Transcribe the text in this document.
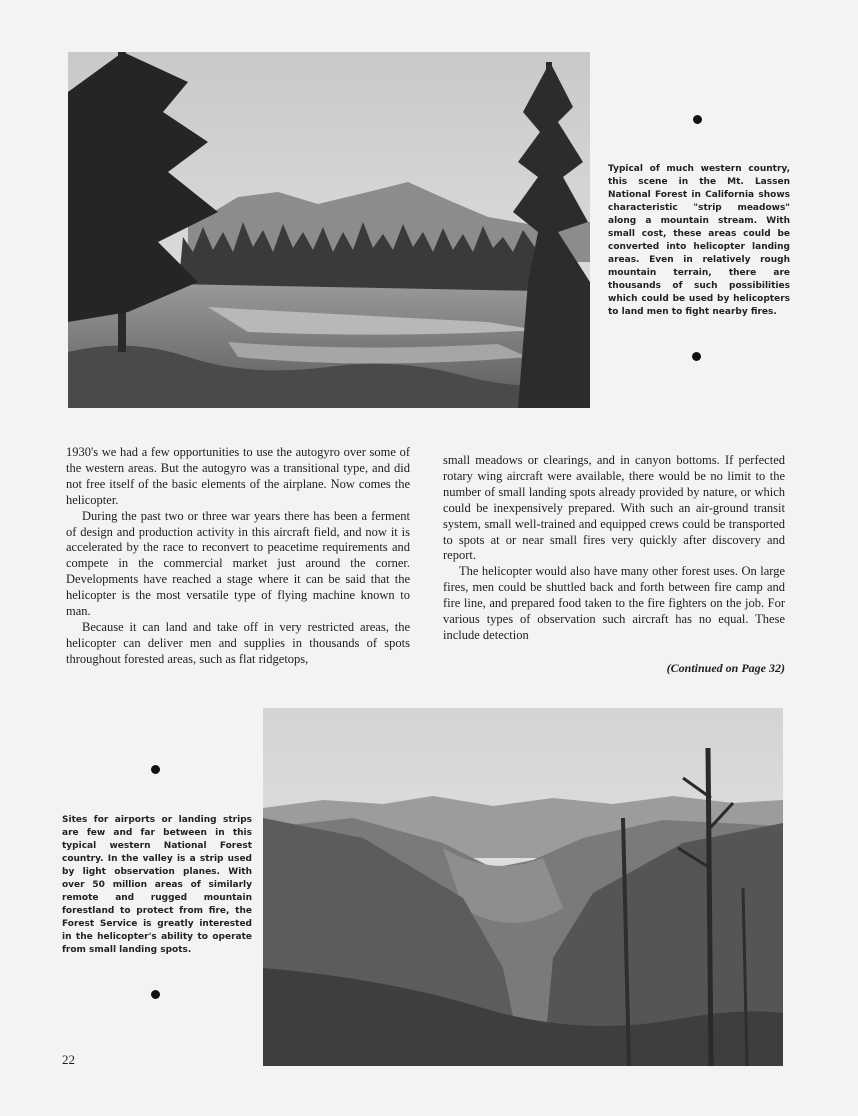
Typical of much western country, this scene in the Mt. Lassen National Forest in California shows characteristic "strip meadows" along a mountain stream. With small cost, these areas could be converted into helicopter landing areas. Even in relatively rough mountain terrain, there are thousands of such possibilities which could be used by helicopters to land men to fight nearby fires.

1930's we had a few opportunities to use the autogyro over some of the western areas. But the autogyro was a transitional type, and did not free itself of the basic elements of the airplane. Now comes the helicopter.

During the past two or three war years there has been a ferment of design and production activity in this aircraft field, and now it is accelerated by the race to reconvert to peacetime requirements and compete in the commercial market just around the corner. Developments have reached a stage where it can be said that the helicopter is the most versatile type of flying machine known to man.

Because it can land and take off in very restricted areas, the helicopter can deliver men and supplies in thousands of spots throughout forested areas, such as flat ridgetops,

small meadows or clearings, and in canyon bottoms. If perfected rotary wing aircraft were available, there would be no limit to the number of small landing spots already provided by nature, or which could be inexpensively prepared. With such an air-ground transit system, small well-trained and equipped crews could be transported to spots at or near small fires very quickly after discovery and report.

The helicopter would also have many other forest uses. On large fires, men could be shuttled back and forth between fire camp and fire line, and prepared food taken to the fire fighters on the job. For various types of observation such aircraft has no equal. These include detection

(Continued on Page 32)
Sites for airports or landing strips are few and far between in this typical western National Forest country. In the valley is a strip used by light observation planes. With over 50 million areas of similarly remote and rugged mountain forestland to protect from fire, the Forest Service is greatly interested in the helicopter's ability to operate from small landing spots.
22
